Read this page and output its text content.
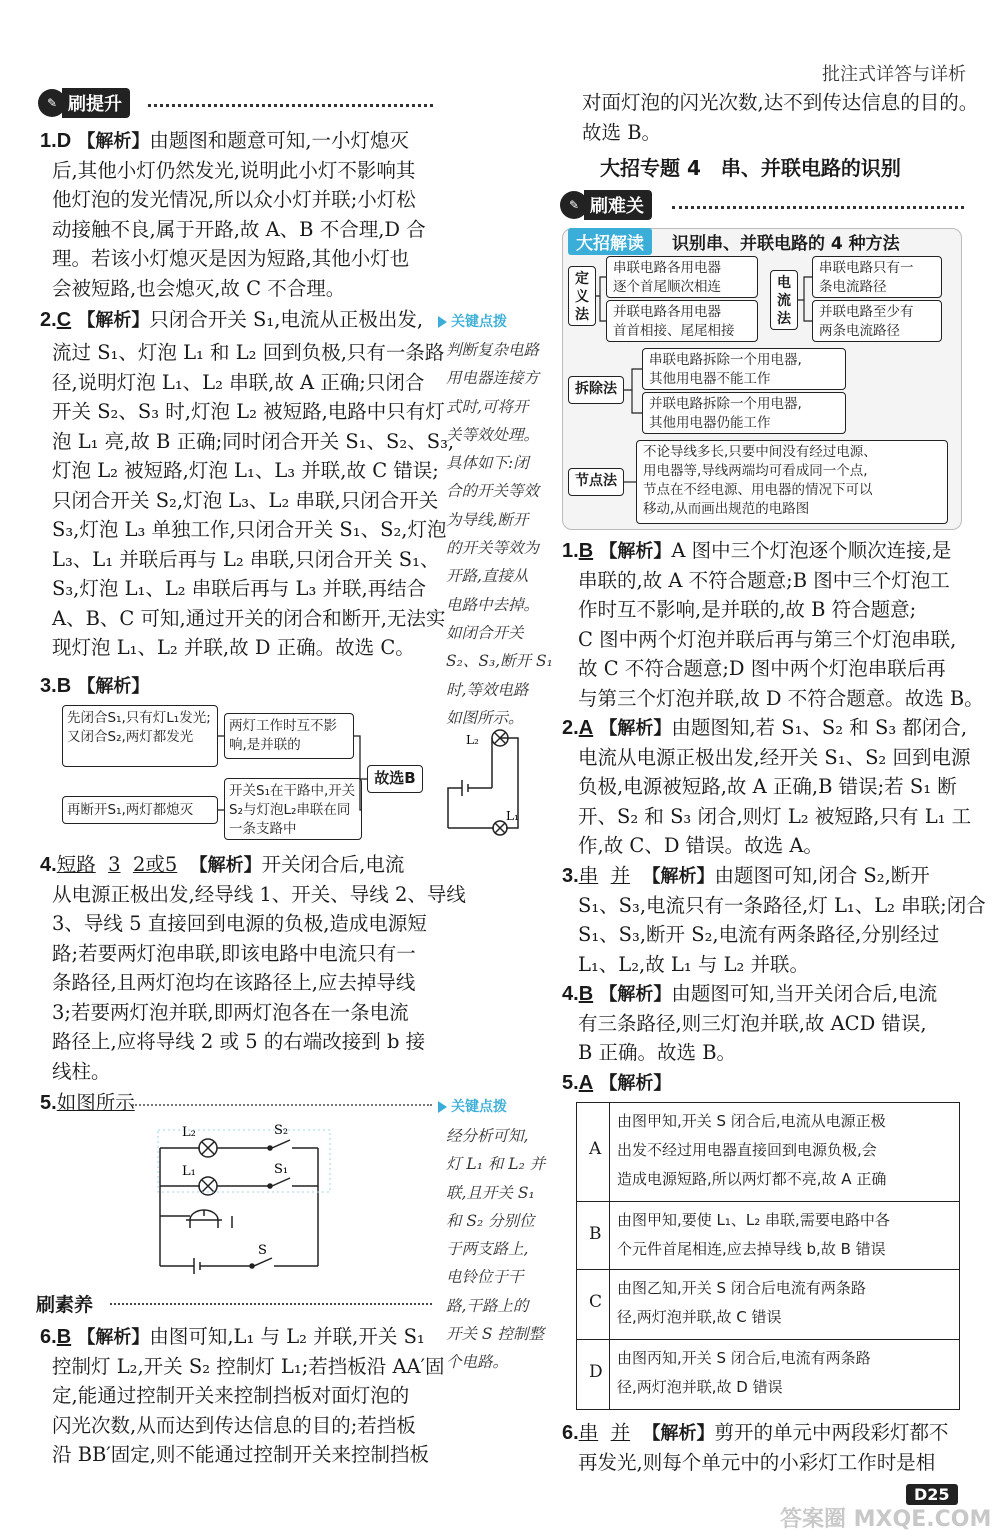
批注式详答与详析
✎ 刷提升
1.D 【解析】由题图和题意可知,一小灯熄灭
后,其他小灯仍然发光,说明此小灯不影响其
他灯泡的发光情况,所以众小灯并联;小灯松
动接触不良,属于开路,故 A、B 不合理,D 合
理。若该小灯熄灭是因为短路,其他小灯也
会被短路,也会熄灭,故 C 不合理。
2.C 【解析】只闭合开关 S₁,电流从正极出发,	关键点拨
流过 S₁、灯泡 L₁ 和 L₂ 回到负极,只有一条路
径,说明灯泡 L₁、L₂ 串联,故 A 正确;只闭合
开关 S₂、S₃ 时,灯泡 L₂ 被短路,电路中只有灯
泡 L₁ 亮,故 B 正确;同时闭合开关 S₁、S₂、S₃,
灯泡 L₂ 被短路,灯泡 L₁、L₃ 并联,故 C 错误;
只闭合开关 S₂,灯泡 L₃、L₂ 串联,只闭合开关
S₃,灯泡 L₃ 单独工作,只闭合开关 S₁、S₂,灯泡
L₃、L₁ 并联后再与 L₂ 串联,只闭合开关 S₁、
S₃,灯泡 L₁、L₂ 串联后再与 L₃ 并联,再结合
A、B、C 可知,通过开关的闭合和断开,无法实
现灯泡 L₁、L₂ 并联,故 D 正确。故选 C。
判断复杂电路
用电器连接方
式时,可将开
关等效处理。
具体如下:闭
合的开关等效
为导线,断开
的开关等效为
开路,直接从
电路中去掉。
如闭合开关
S₂、S₃,断开 S₁
时,等效电路
如图所示。
L₂
L₁
3.B 【解析】
先闭合S₁,只有灯L₁发光;又闭合S₂,两灯都发光
两灯工作时互不影响,是并联的
再断开S₁,两灯都熄灭
开关S₁在干路中,开关S₂与灯泡L₂串联在同一条支路中
故选B
4.短路 3 2或5 【解析】开关闭合后,电流
从电源正极出发,经导线 1、开关、导线 2、导线
3、导线 5 直接回到电源的负极,造成电源短
路;若要两灯泡串联,即该电路中电流只有一
条路径,且两灯泡均在该路径上,应去掉导线
3;若要两灯泡并联,即两灯泡各在一条电流
路径上,应将导线 2 或 5 的右端改接到 b 接
线柱。
5.如图所示	关键点拨
L₂
L₁
S₂
S₁
S
经分析可知,
灯 L₁ 和 L₂ 并
联,且开关 S₁
和 S₂ 分别位
于两支路上,
电铃位于干
路,干路上的
开关 S 控制整
个电路。
刷素养
6.B 【解析】由图可知,L₁ 与 L₂ 并联,开关 S₁
控制灯 L₂,开关 S₂ 控制灯 L₁;若挡板沿 AA′固
定,能通过控制开关来控制挡板对面灯泡的
闪光次数,从而达到传达信息的目的;若挡板
沿 BB′固定,则不能通过控制开关来控制挡板
对面灯泡的闪光次数,达不到传达信息的目的。
故选 B。
大招专题 4　串、并联电路的识别
✎ 刷难关
大招解读	识别串、并联电路的 4 种方法
定义法
串联电路各用电器
逐个首尾顺次相连
并联电路各用电器
首首相接、尾尾相接
电流法
串联电路只有一
条电流路径
并联电路至少有
两条电流路径
拆除法
串联电路拆除一个用电器,
其他用电器不能工作
并联电路拆除一个用电器,
其他用电器仍能工作
节点法
不论导线多长,只要中间没有经过电源、
用电器等,导线两端均可看成同一个点,
节点在不经电源、用电器的情况下可以
移动,从而画出规范的电路图
1.B 【解析】A 图中三个灯泡逐个顺次连接,是
串联的,故 A 不符合题意;B 图中三个灯泡工
作时互不影响,是并联的,故 B 符合题意;
C 图中两个灯泡并联后再与第三个灯泡串联,
故 C 不符合题意;D 图中两个灯泡串联后再
与第三个灯泡并联,故 D 不符合题意。故选 B。
2.A 【解析】由题图知,若 S₁、S₂ 和 S₃ 都闭合,
电流从电源正极出发,经开关 S₁、S₂ 回到电源
负极,电源被短路,故 A 正确,B 错误;若 S₁ 断
开、S₂ 和 S₃ 闭合,则灯 L₂ 被短路,只有 L₁ 工
作,故 C、D 错误。故选 A。
3.串 并 【解析】由题图可知,闭合 S₂,断开
S₁、S₃,电流只有一条路径,灯 L₁、L₂ 串联;闭合
S₁、S₃,断开 S₂,电流有两条路径,分别经过
L₁、L₂,故 L₁ 与 L₂ 并联。
4.B 【解析】由题图可知,当开关闭合后,电流
有三条路径,则三灯泡并联,故 ACD 错误,
B 正确。故选 B。
5.A 【解析】
A
由图甲知,开关 S 闭合后,电流从电源正极
出发不经过用电器直接回到电源负极,会
造成电源短路,所以两灯都不亮,故 A 正确
B
由图甲知,要使 L₁、L₂ 串联,需要电路中各
个元件首尾相连,应去掉导线 b,故 B 错误
C
由图乙知,开关 S 闭合后电流有两条路
径,两灯泡并联,故 C 错误
D
由图丙知,开关 S 闭合后,电流有两条路
径,两灯泡并联,故 D 错误
6.串 并 【解析】剪开的单元中两段彩灯都不
再发光,则每个单元中的小彩灯工作时是相
D25
答案圈 MXQE.COM
